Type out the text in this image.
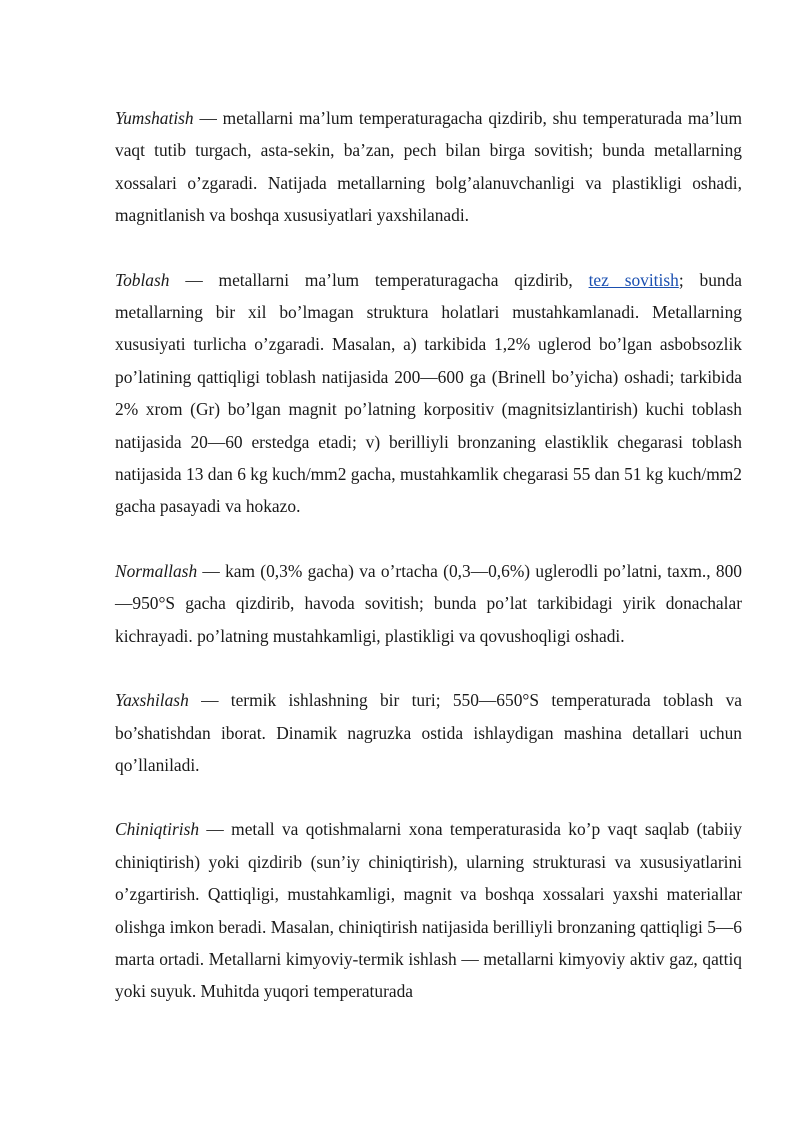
Yumshatish — metallarni ma’lum temperaturagacha qizdirib, shu temperaturada ma’lum vaqt tutib turgach, asta-sekin, ba’zan, pech bilan birga sovitish; bunda metallarning xossalari o’zgaradi. Natijada metallarning bolg’alanuvchanligi va plastikligi oshadi, magnitlanish va boshqa xususiyatlari yaxshilanadi.

Toblash — metallarni ma’lum temperaturagacha qizdirib, tez sovitish; bunda metallarning bir xil bo’lmagan struktura holatlari mustahkamlanadi. Metallarning xususiyati turlicha o’zgaradi. Masalan, a) tarkibida 1,2% uglerod bo’lgan asbobsozlik po’latining qattiqligi toblash natijasida 200—600 ga (Brinell bo’yicha) oshadi; tarkibida 2% xrom (Gr) bo’lgan magnit po’latning korpositiv (magnitsizlantirish) kuchi toblash natijasida 20—60 erstedga etadi; v) berilliyli bronzaning elastiklik chegarasi toblash natijasida 13 dan 6 kg kuch/mm2 gacha, mustahkamlik chegarasi 55 dan 51 kg kuch/mm2 gacha pasayadi va hokazo.

Normallash — kam (0,3% gacha) va o’rtacha (0,3—0,6%) uglerodli po’latni, taxm., 800—950°S gacha qizdirib, havoda sovitish; bunda po’lat tarkibidagi yirik donachalar kichrayadi. po’latning mustahkamligi, plastikligi va qovushoqligi oshadi.

Yaxshilash — termik ishlashning bir turi; 550—650°S temperaturada toblash va bo’shatishdan iborat. Dinamik nagruzka ostida ishlaydigan mashina detallari uchun qo’llaniladi.

Chiniqtirish — metall va qotishmalarni xona temperaturasida ko’p vaqt saqlab (tabiiy chiniqtirish) yoki qizdirib (sun’iy chiniqtirish), ularning strukturasi va xususiyatlarini o’zgartirish. Qattiqligi, mustahkamligi, magnit va boshqa xossalari yaxshi materiallar olishga imkon beradi. Masalan, chiniqtirish natijasida berilliyli bronzaning qattiqligi 5—6 marta ortadi. Metallarni kimyoviy-termik ishlash — metallarni kimyoviy aktiv gaz, qattiq yoki suyuk. Muhitda yuqori temperaturada
